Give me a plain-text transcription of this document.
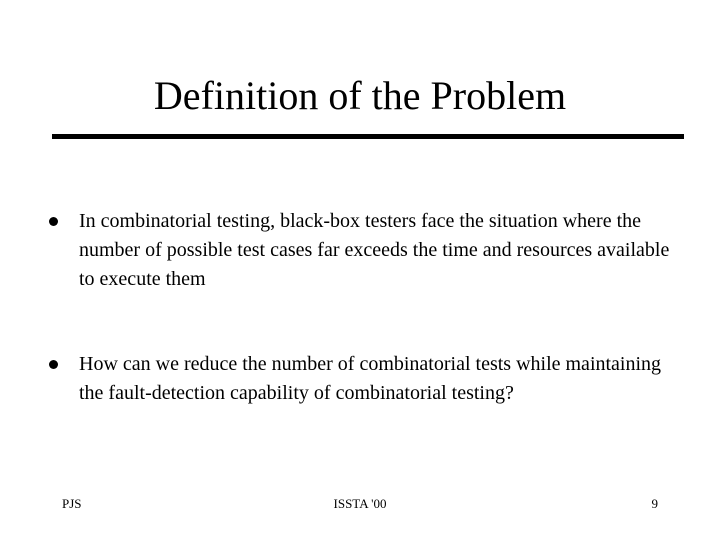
Definition of the Problem
In combinatorial testing, black-box testers face the situation where the number of possible test cases far exceeds the time and resources available to execute them
How can we reduce the number of combinatorial tests while maintaining the fault-detection capability of combinatorial testing?
PJS	ISSTA '00	9
